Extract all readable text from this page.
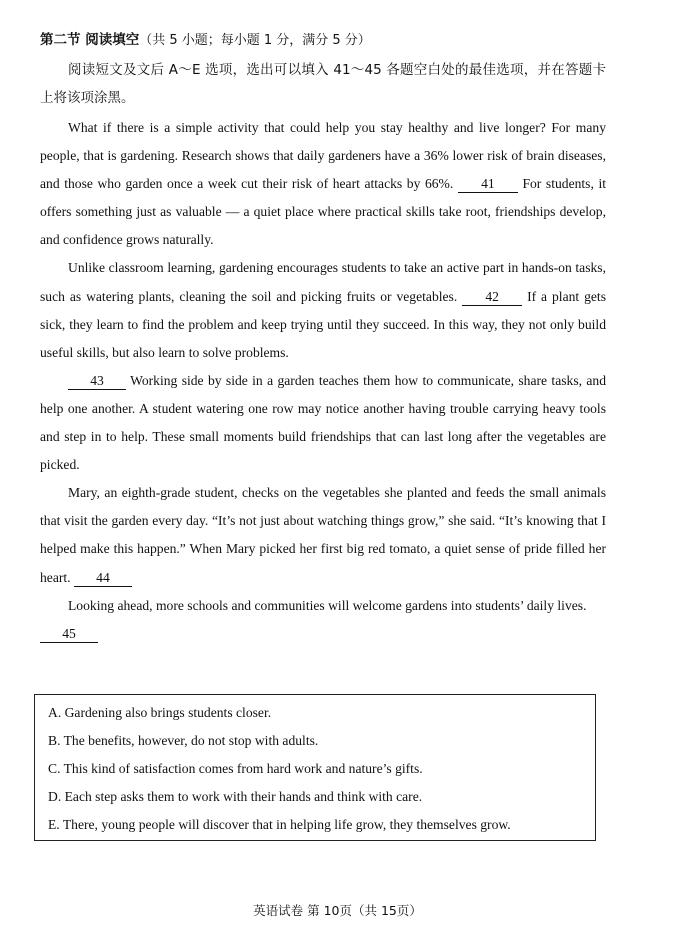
第二节 阅读填空（共 5 小题；每小题 1 分，满分 5 分）
阅读短文及文后 A～E 选项，选出可以填入 41～45 各题空白处的最佳选项，并在答题卡上将该项涂黑。

What if there is a simple activity that could help you stay healthy and live longer? For many people, that is gardening. Research shows that daily gardeners have a 36% lower risk of brain diseases, and those who garden once a week cut their risk of heart attacks by 66%. 41 For students, it offers something just as valuable — a quiet place where practical skills take root, friendships develop, and confidence grows naturally.

Unlike classroom learning, gardening encourages students to take an active part in hands-on tasks, such as watering plants, cleaning the soil and picking fruits or vegetables. 42 If a plant gets sick, they learn to find the problem and keep trying until they succeed. In this way, they not only build useful skills, but also learn to solve problems.

43 Working side by side in a garden teaches them how to communicate, share tasks, and help one another. A student watering one row may notice another having trouble carrying heavy tools and step in to help. These small moments build friendships that can last long after the vegetables are picked.

Mary, an eighth-grade student, checks on the vegetables she planted and feeds the small animals that visit the garden every day. “It’s not just about watching things grow,” she said. “It’s knowing that I helped make this happen.” When Mary picked her first big red tomato, a quiet sense of pride filled her heart. 44

Looking ahead, more schools and communities will welcome gardens into students’ daily lives.

45

A. Gardening also brings students closer.
B. The benefits, however, do not stop with adults.
C. This kind of satisfaction comes from hard work and nature’s gifts.
D. Each step asks them to work with their hands and think with care.
E. There, young people will discover that in helping life grow, they themselves grow.
英语试卷 第 10页（共 15页）
